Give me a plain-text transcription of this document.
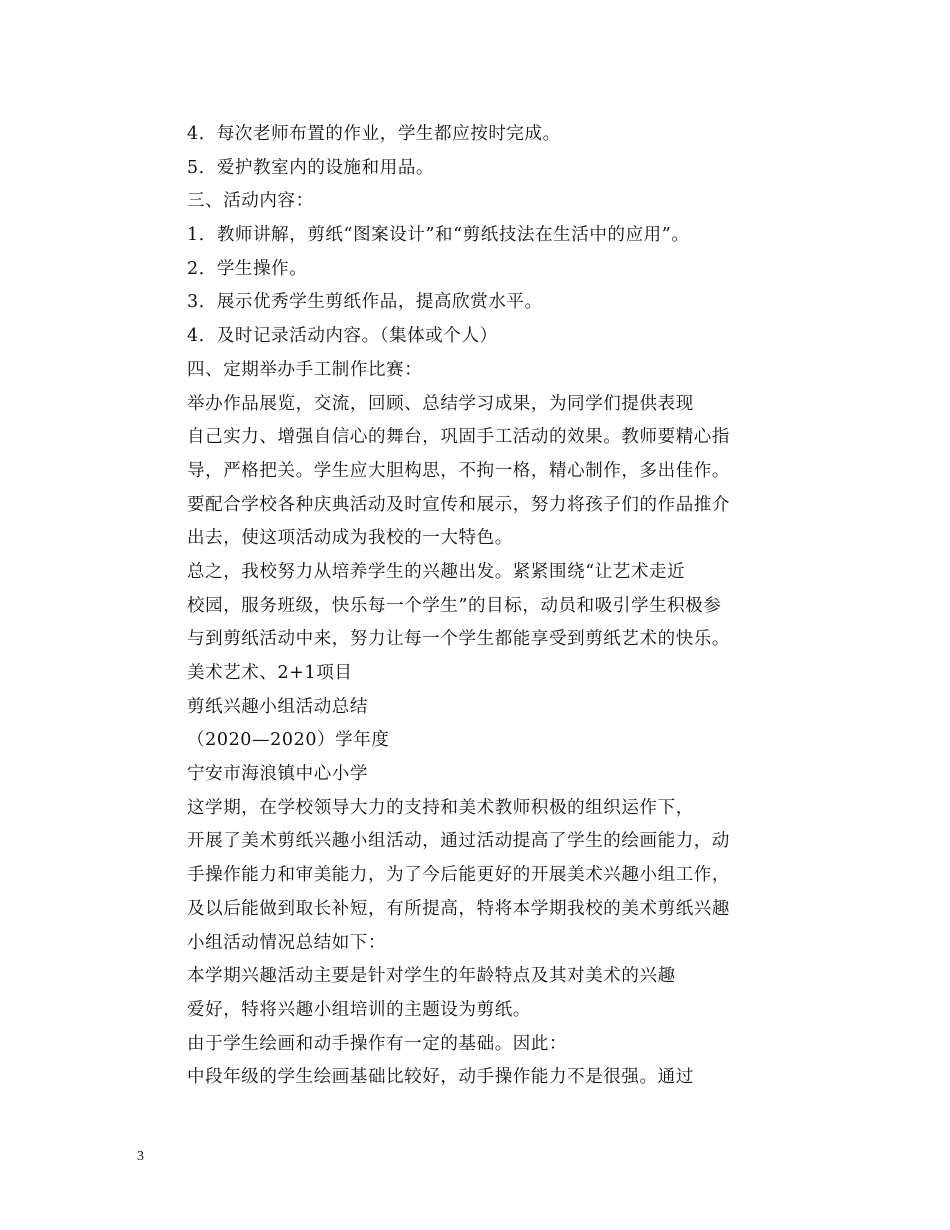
4．每次老师布置的作业，学生都应按时完成。
5．爱护教室内的设施和用品。
三、活动内容：
1．教师讲解，剪纸“图案设计”和“剪纸技法在生活中的应用”。
2．学生操作。
3．展示优秀学生剪纸作品，提高欣赏水平。
4．及时记录活动内容。（集体或个人）
四、定期举办手工制作比赛：
举办作品展览，交流，回顾、总结学习成果，为同学们提供表现
自己实力、增强自信心的舞台，巩固手工活动的效果。教师要精心指
导，严格把关。学生应大胆构思，不拘一格，精心制作，多出佳作。
要配合学校各种庆典活动及时宣传和展示，努力将孩子们的作品推介
出去，使这项活动成为我校的一大特色。
总之，我校努力从培养学生的兴趣出发。紧紧围绕“让艺术走近
校园，服务班级，快乐每一个学生”的目标，动员和吸引学生积极参
与到剪纸活动中来，努力让每一个学生都能享受到剪纸艺术的快乐。
美术艺术、2+1项目
剪纸兴趣小组活动总结
（2020—2020）学年度
宁安市海浪镇中心小学
这学期，在学校领导大力的支持和美术教师积极的组织运作下，
开展了美术剪纸兴趣小组活动，通过活动提高了学生的绘画能力，动
手操作能力和审美能力，为了今后能更好的开展美术兴趣小组工作，
及以后能做到取长补短，有所提高，特将本学期我校的美术剪纸兴趣
小组活动情况总结如下：
本学期兴趣活动主要是针对学生的年龄特点及其对美术的兴趣
爱好，特将兴趣小组培训的主题设为剪纸。
由于学生绘画和动手操作有一定的基础。因此：
中段年级的学生绘画基础比较好，动手操作能力不是很强。通过
3
